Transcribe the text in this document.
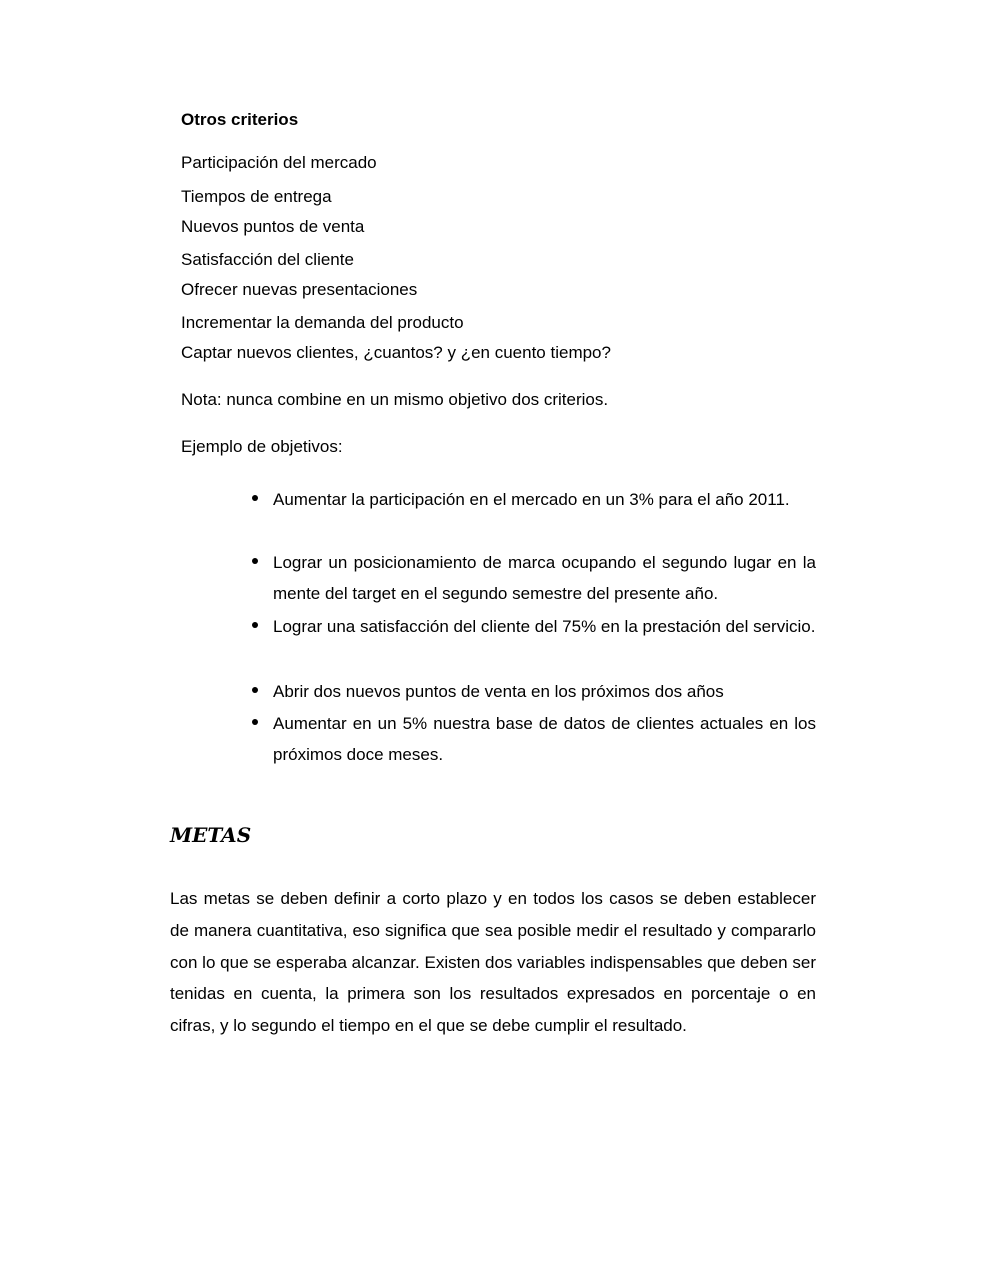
Otros criterios
Participación del mercado
Tiempos de entrega
Nuevos puntos de venta
Satisfacción del cliente
Ofrecer nuevas presentaciones
Incrementar la demanda del producto
Captar nuevos clientes, ¿cuantos? y ¿en cuento tiempo?

Nota: nunca combine en un mismo objetivo dos criterios.

Ejemplo de objetivos:

Aumentar la participación en el mercado en un 3% para el año 2011.
Lograr un posicionamiento de marca ocupando el segundo lugar en la mente del target en el segundo semestre del presente año.
Lograr una satisfacción del cliente del 75% en la prestación del servicio.
Abrir dos nuevos puntos de venta en los próximos dos años
Aumentar en un 5% nuestra base de datos de clientes actuales en los próximos doce meses.
METAS

Las metas se deben definir a corto plazo y en todos los casos se deben establecer de manera cuantitativa, eso significa que sea posible medir el resultado y compararlo con lo que se esperaba alcanzar. Existen dos variables indispensables que deben ser tenidas en cuenta, la primera son los resultados expresados en porcentaje o en cifras, y lo segundo el tiempo en el que se debe cumplir el resultado.
